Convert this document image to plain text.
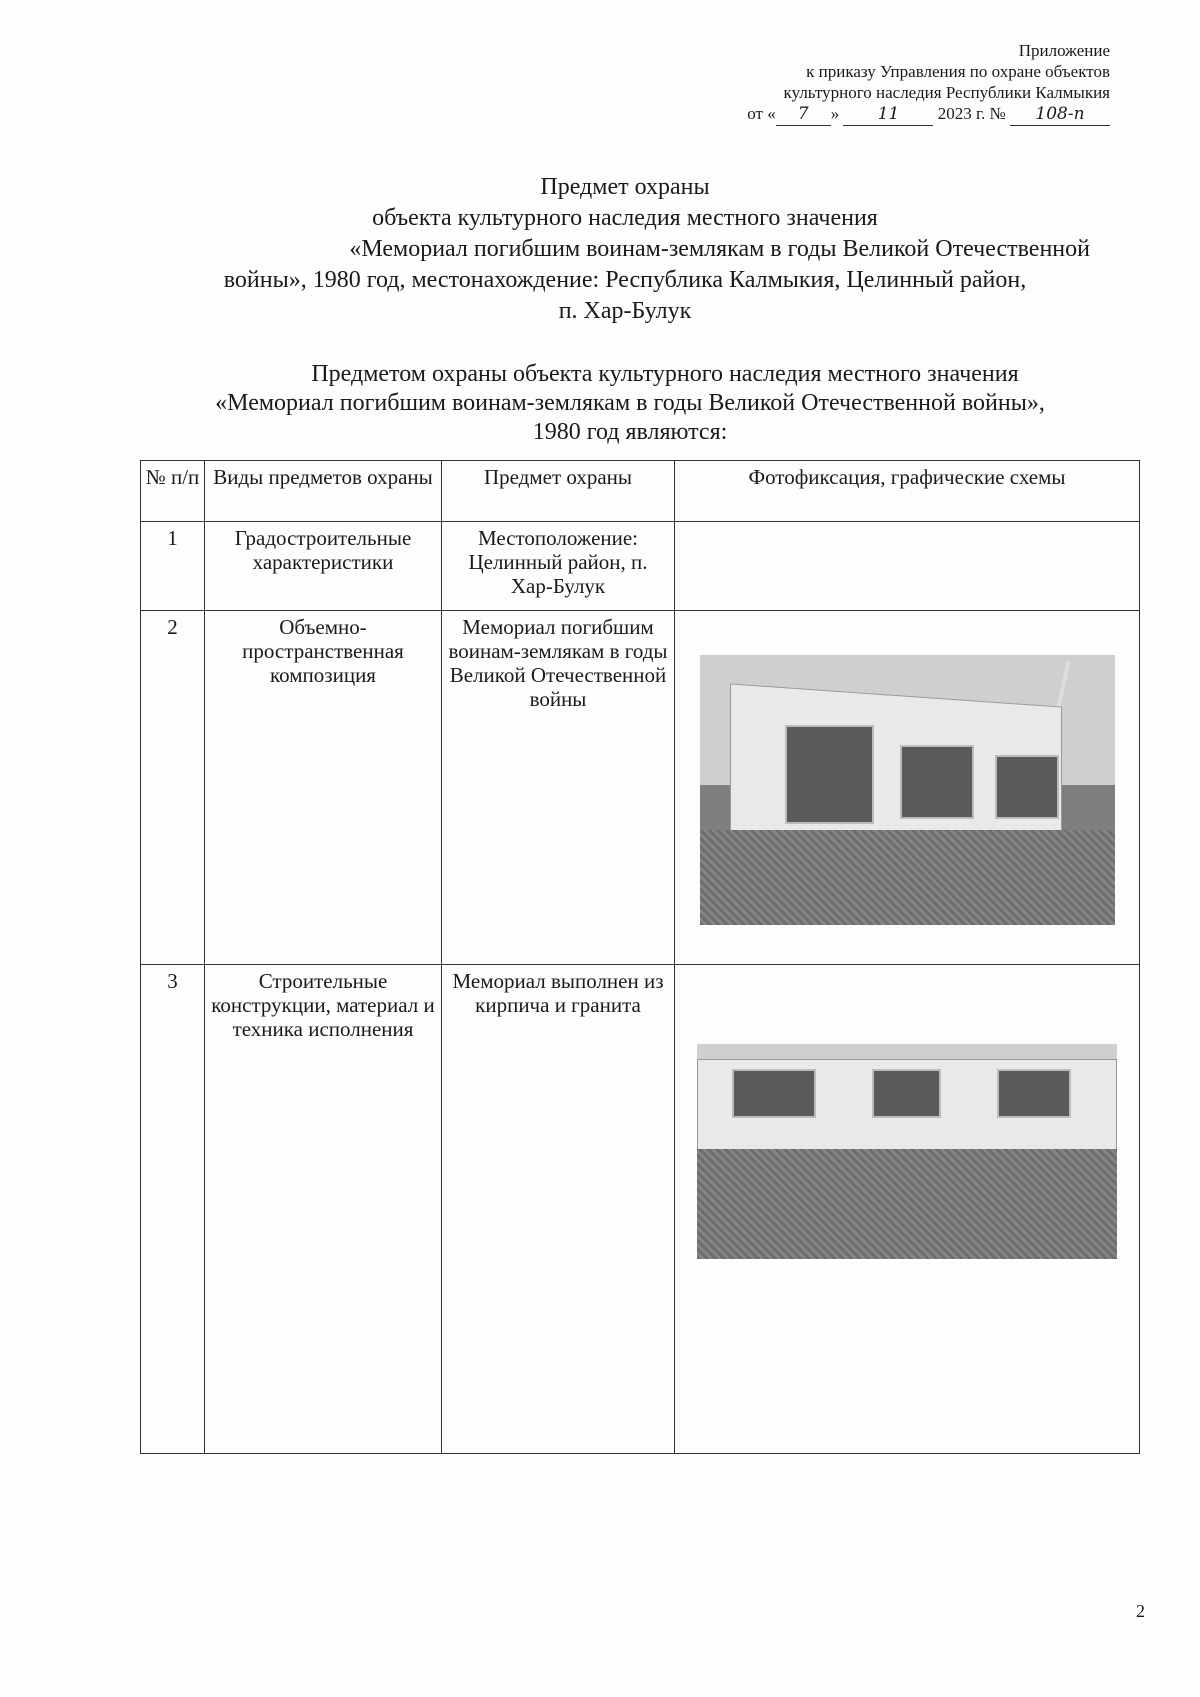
Приложение
к приказу Управления по охране объектов
культурного наследия Республики Калмыкия
от « 7 » 11 2023 г. № 108-п
Предмет охраны
объекта культурного наследия местного значения
«Мемориал погибшим воинам-землякам в годы Великой Отечественной
войны», 1980 год, местонахождение: Республика Калмыкия, Целинный район,
п. Хар-Булук
Предметом охраны объекта культурного наследия местного значения
«Мемориал погибшим воинам-землякам в годы Великой Отечественной войны»,
1980 год являются:
№ п/п	Виды предметов охраны	Предмет охраны	Фотофиксация, графические схемы
1	Градостроительные характеристики	Местоположение: Целинный район, п. Хар-Булук	
2	Объемно-пространственная композиция	Мемориал погибшим воинам-землякам в годы Великой Отечественной войны	

3	Строительные конструкции, материал и техника исполнения	Мемориал выполнен из кирпича и гранита	
2
